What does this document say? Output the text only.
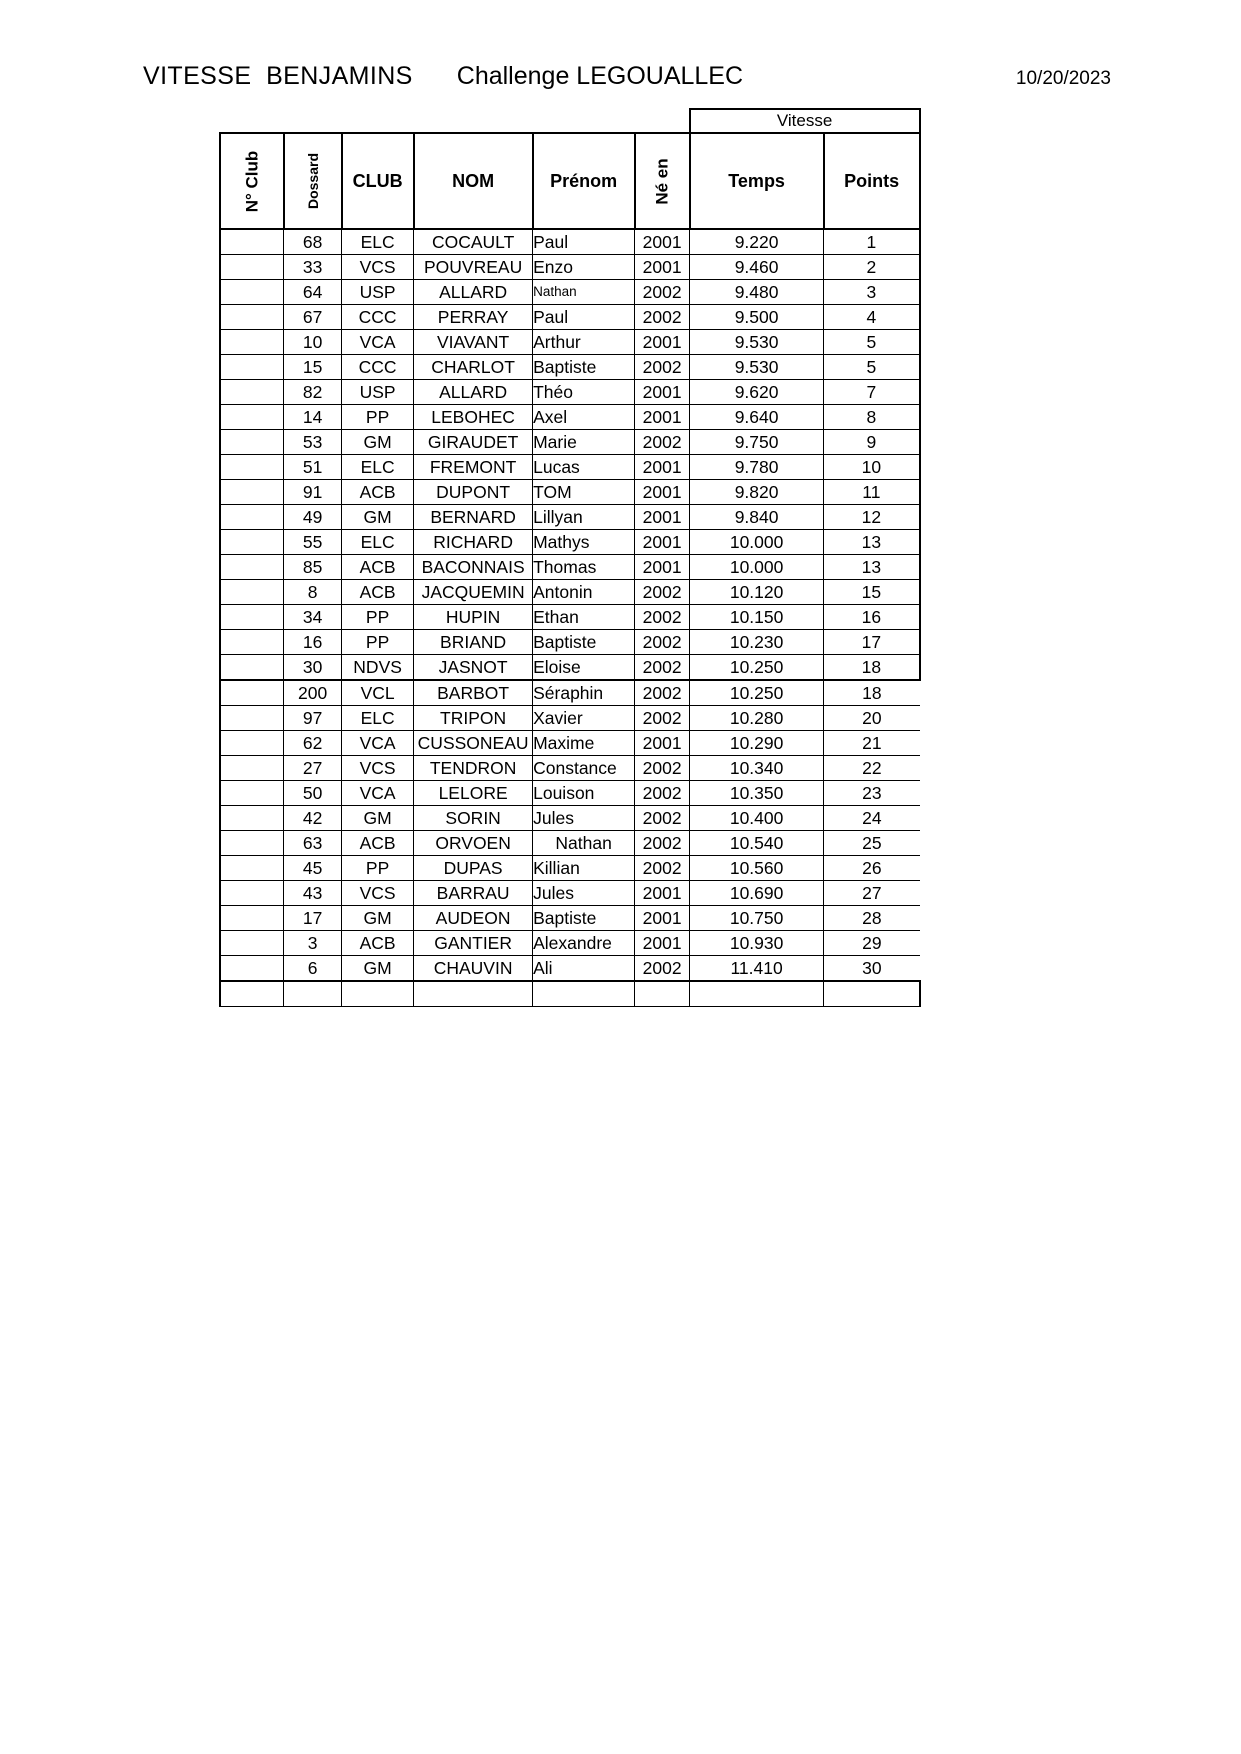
VITESSE  BENJAMINS Challenge LEGOUALLEC	10/20/2023
						Vitesse	

N° Club	Dossard	CLUB	NOM	Prénom	Né en	Temps	Points
	68	ELC	COCAULT	Paul	2001	9.220	1
	33	VCS	POUVREAU	Enzo	2001	9.460	2
	64	USP	ALLARD	Nathan	2002	9.480	3
	67	CCC	PERRAY	Paul	2002	9.500	4
	10	VCA	VIAVANT	Arthur	2001	9.530	5
	15	CCC	CHARLOT	Baptiste	2002	9.530	5
	82	USP	ALLARD	Théo	2001	9.620	7
	14	PP	LEBOHEC	Axel	2001	9.640	8
	53	GM	GIRAUDET	Marie	2002	9.750	9
	51	ELC	FREMONT	Lucas	2001	9.780	10
	91	ACB	DUPONT	TOM	2001	9.820	11
	49	GM	BERNARD	Lillyan	2001	9.840	12
	55	ELC	RICHARD	Mathys	2001	10.000	13
	85	ACB	BACONNAIS	Thomas	2001	10.000	13
	8	ACB	JACQUEMIN	Antonin	2002	10.120	15
	34	PP	HUPIN	Ethan	2002	10.150	16
	16	PP	BRIAND	Baptiste	2002	10.230	17
	30	NDVS	JASNOT	Eloise	2002	10.250	18
	200	VCL	BARBOT	Séraphin	2002	10.250	18
	97	ELC	TRIPON	Xavier	2002	10.280	20
	62	VCA	CUSSONEAU	Maxime	2001	10.290	21
	27	VCS	TENDRON	Constance	2002	10.340	22
	50	VCA	LELORE	Louison	2002	10.350	23
	42	GM	SORIN	Jules	2002	10.400	24
	63	ACB	ORVOEN	Nathan	2002	10.540	25
	45	PP	DUPAS	Killian	2002	10.560	26
	43	VCS	BARRAU	Jules	2001	10.690	27
	17	GM	AUDEON	Baptiste	2001	10.750	28
	3	ACB	GANTIER	Alexandre	2001	10.930	29
	6	GM	CHAUVIN	Ali	2002	11.410	30
